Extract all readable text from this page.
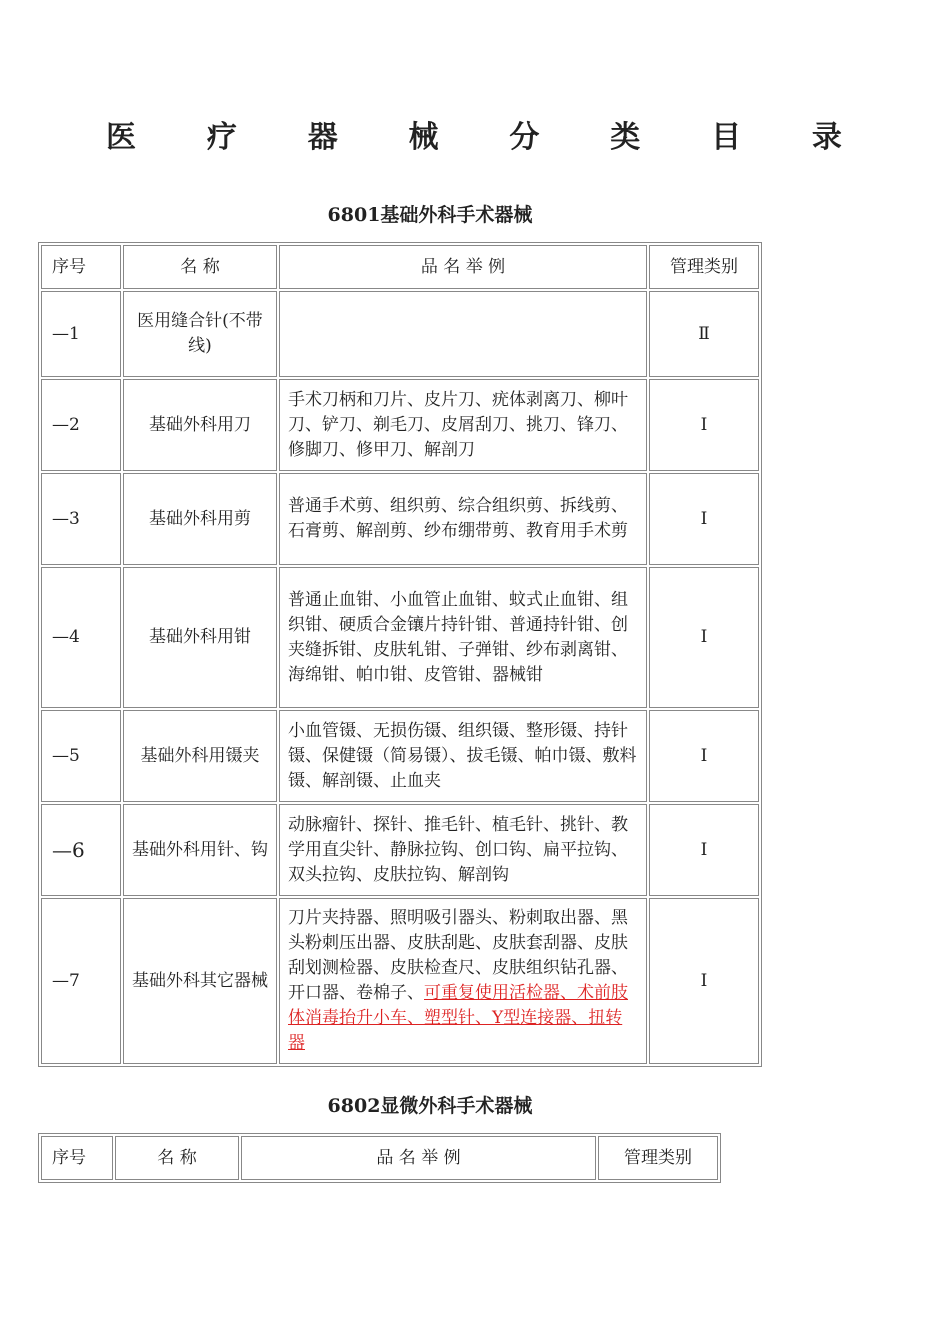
医 疗 器 械 分 类 目 录
6801基础外科手术器械
序号	名 称	品 名 举 例	管理类别
—1	医用缝合针(不带线)		Ⅱ
—2	基础外科用刀	手术刀柄和刀片、皮片刀、疣体剥离刀、柳叶刀、铲刀、剃毛刀、皮屑刮刀、挑刀、锋刀、修脚刀、修甲刀、解剖刀	Ⅰ
—3	基础外科用剪	普通手术剪、组织剪、综合组织剪、拆线剪、石膏剪、解剖剪、纱布绷带剪、教育用手术剪	Ⅰ
—4	基础外科用钳	普通止血钳、小血管止血钳、蚊式止血钳、组织钳、硬质合金镶片持针钳、普通持针钳、创夹缝拆钳、皮肤轧钳、子弹钳、纱布剥离钳、海绵钳、帕巾钳、皮管钳、器械钳	Ⅰ
—5	基础外科用镊夹	小血管镊、无损伤镊、组织镊、整形镊、持针镊、保健镊（简易镊）、拔毛镊、帕巾镊、敷料镊、解剖镊、止血夹	Ⅰ
—6	基础外科用针、钩	动脉瘤针、探针、推毛针、植毛针、挑针、教学用直尖针、静脉拉钩、创口钩、扁平拉钩、双头拉钩、皮肤拉钩、解剖钩	Ⅰ
—7	基础外科其它器械	刀片夹持器、照明吸引器头、粉刺取出器、黑头粉刺压出器、皮肤刮匙、皮肤套刮器、皮肤刮划测检器、皮肤检查尺、皮肤组织钻孔器、开口器、卷棉子、可重复使用活检器、术前肢体消毒抬升小车、塑型针、Y型连接器、扭转器	Ⅰ
6802显微外科手术器械
序号	名 称	品 名 举 例	管理类别
